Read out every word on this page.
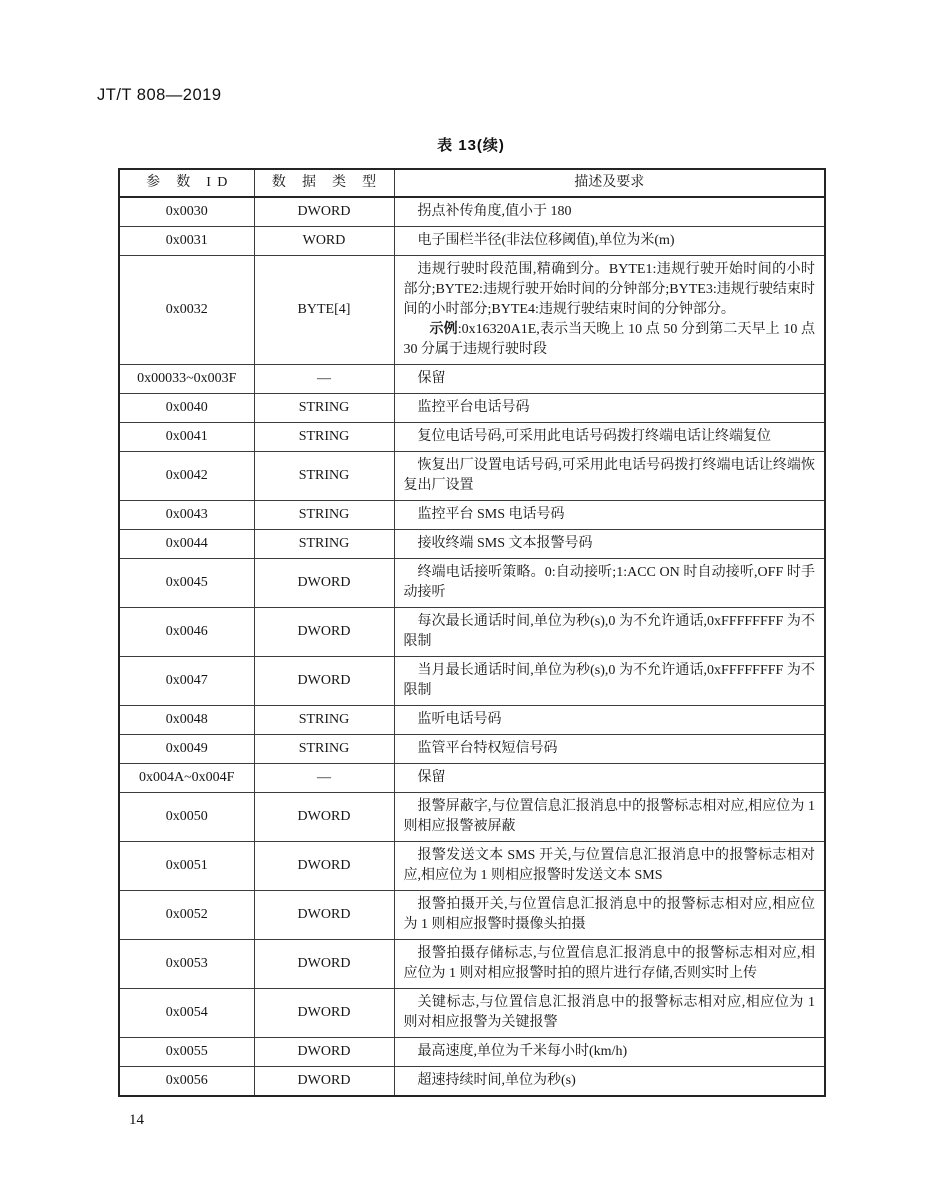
JT/T 808—2019
表 13(续)
参 数 ID	数 据 类 型	描述及要求
0x0030	DWORD	拐点补传角度,值小于 180

0x0031	WORD	电子围栏半径(非法位移阈值),单位为米(m)

0x0032	BYTE[4]	违规行驶时段范围,精确到分。BYTE1:违规行驶开始时间的小时部分;BYTE2:违规行驶开始时间的分钟部分;BYTE3:违规行驶结束时间的小时部分;BYTE4:违规行驶结束时间的分钟部分。

示例:0x16320A1E,表示当天晚上 10 点 50 分到第二天早上 10 点 30 分属于违规行驶时段

0x00033~0x003F	—	保留

0x0040	STRING	监控平台电话号码

0x0041	STRING	复位电话号码,可采用此电话号码拨打终端电话让终端复位

0x0042	STRING	恢复出厂设置电话号码,可采用此电话号码拨打终端电话让终端恢复出厂设置

0x0043	STRING	监控平台 SMS 电话号码

0x0044	STRING	接收终端 SMS 文本报警号码

0x0045	DWORD	终端电话接听策略。0:自动接听;1:ACC ON 时自动接听,OFF 时手动接听

0x0046	DWORD	每次最长通话时间,单位为秒(s),0 为不允许通话,0xFFFFFFFF 为不限制

0x0047	DWORD	当月最长通话时间,单位为秒(s),0 为不允许通话,0xFFFFFFFF 为不限制

0x0048	STRING	监听电话号码

0x0049	STRING	监管平台特权短信号码

0x004A~0x004F	—	保留

0x0050	DWORD	报警屏蔽字,与位置信息汇报消息中的报警标志相对应,相应位为 1 则相应报警被屏蔽

0x0051	DWORD	报警发送文本 SMS 开关,与位置信息汇报消息中的报警标志相对应,相应位为 1 则相应报警时发送文本 SMS

0x0052	DWORD	报警拍摄开关,与位置信息汇报消息中的报警标志相对应,相应位为 1 则相应报警时摄像头拍摄

0x0053	DWORD	报警拍摄存储标志,与位置信息汇报消息中的报警标志相对应,相应位为 1 则对相应报警时拍的照片进行存储,否则实时上传

0x0054	DWORD	关键标志,与位置信息汇报消息中的报警标志相对应,相应位为 1 则对相应报警为关键报警

0x0055	DWORD	最高速度,单位为千米每小时(km/h)

0x0056	DWORD	超速持续时间,单位为秒(s)

14
